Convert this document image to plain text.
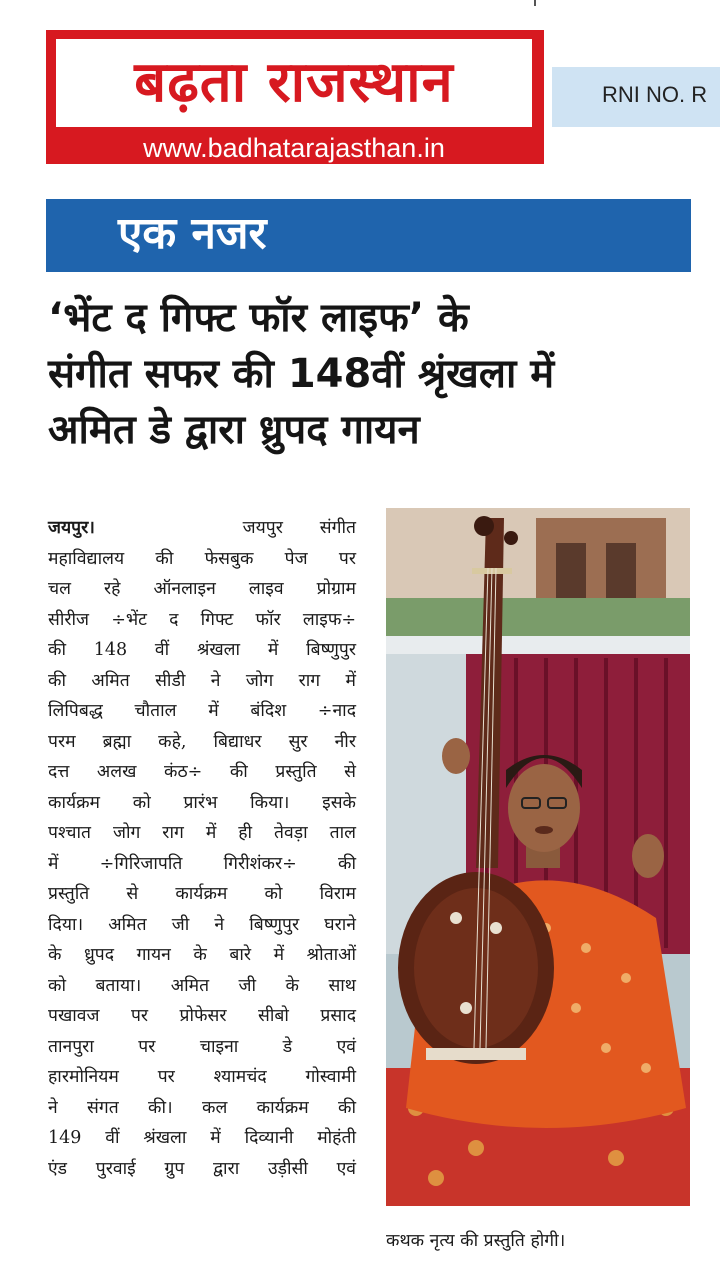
बढ़ता राजस्थान
www.badhatarajasthan.in
RNI NO. R
एक नजर
‘भेंट द गिफ्ट फॉर लाइफ’ के
संगीत सफर की 148वीं श्रृंखला में
अमित डे द्वारा ध्रुपद गायन
जयपुर।	जयपुर संगीत
महाविद्यालय की फेसबुक पेज पर
चल रहे ऑनलाइन लाइव प्रोग्राम
सीरीज ÷भेंट द गिफ्ट फॉर लाइफ÷
की 148 वीं श्रंखला में बिष्णुपुर
की अमित सीडी ने जोग राग में
लिपिबद्ध चौताल में बंदिश ÷नाद
परम ब्रह्मा कहे, बिद्याधर सुर नीर
दत्त अलख कंठ÷ की प्रस्तुति से
कार्यक्रम को प्रारंभ किया। इसके
पश्चात जोग राग में ही तेवड़ा ताल
में ÷गिरिजापति गिरीशंकर÷ की
प्रस्तुति से कार्यक्रम को विराम
दिया। अमित जी ने बिष्णुपुर घराने
के ध्रुपद गायन के बारे में श्रोताओं
को बताया। अमित जी के साथ
पखावज पर प्रोफेसर सीबो प्रसाद
तानपुरा पर चाइना डे एवं
हारमोनियम पर श्यामचंद गोस्वामी
ने संगत की। कल कार्यक्रम की
149 वीं श्रंखला में दिव्यानी मोहंती
एंड पुरवाई ग्रुप द्वारा उड़ीसी एवं
कथक नृत्य की प्रस्तुति होगी।
